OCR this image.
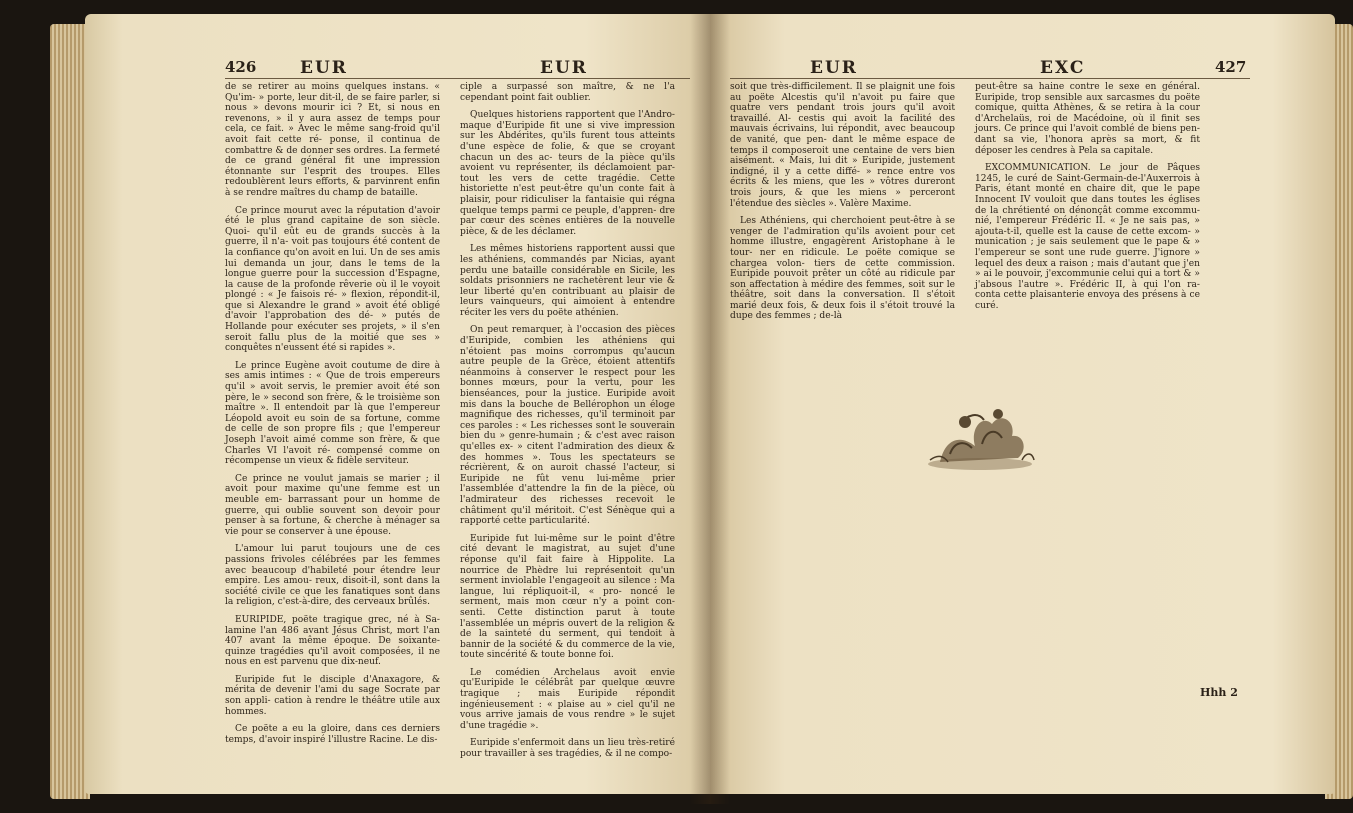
426	EUR	EUR

de se retirer au moins quelques instans. « Qu'im- » porte, leur dit-il, de se faire parler, si nous » devons mourir ici ? Et, si nous en revenons, » il y aura assez de temps pour cela, ce fait. » Avec le même sang-froid qu'il avoit fait cette ré- ponse, il continua de combattre & de donner ses ordres. La fermeté de ce grand général fit une impression étonnante sur l'esprit des troupes. Elles redoublèrent leurs efforts, & parvinrent enfin à se rendre maîtres du champ de bataille.

Ce prince mourut avec la réputation d'avoir été le plus grand capitaine de son siècle. Quoi- qu'il eût eu de grands succès à la guerre, il n'a- voit pas toujours été content de la confiance qu'on avoit en lui. Un de ses amis lui demanda un jour, dans le tems de la longue guerre pour la succession d'Espagne, la cause de la profonde rêverie où il le voyoit plongé : « Je faisois ré- » flexion, répondit-il, que si Alexandre le grand » avoit été obligé d'avoir l'approbation des dé- » putés de Hollande pour exécuter ses projets, » il s'en seroit fallu plus de la moitié que ses » conquêtes n'eussent été si rapides ».

Le prince Eugène avoit coutume de dire à ses amis intimes : « Que de trois empereurs qu'il » avoit servis, le premier avoit été son père, le » second son frère, & le troisième son maître ». Il entendoit par là que l'empereur Léopold avoit eu soin de sa fortune, comme de celle de son propre fils ; que l'empereur Joseph l'avoit aimé comme son frère, & que Charles VI l'avoit ré- compensé comme on récompense un vieux & fidèle serviteur.

Ce prince ne voulut jamais se marier ; il avoit pour maxime qu'une femme est un meuble em- barrassant pour un homme de guerre, qui oublie souvent son devoir pour penser à sa fortune, & cherche à ménager sa vie pour se conserver à une épouse.

L'amour lui parut toujours une de ces passions frivoles célébrées par les femmes avec beaucoup d'habileté pour étendre leur empire. Les amou- reux, disoit-il, sont dans la société civile ce que les fanatiques sont dans la religion, c'est-à-dire, des cerveaux brûlés.

EURIPIDE, poëte tragique grec, né à Sa- lamine l'an 486 avant Jésus Christ, mort l'an 407 avant la même époque. De soixante-quinze tragédies qu'il avoit composées, il ne nous en est parvenu que dix-neuf.

Euripide fut le disciple d'Anaxagore, & mérita de devenir l'ami du sage Socrate par son appli- cation à rendre le théâtre utile aux hommes.

Ce poëte a eu la gloire, dans ces derniers temps, d'avoir inspiré l'illustre Racine. Le dis-

ciple a surpassé son maître, & ne l'a cependant point fait oublier.

Quelques historiens rapportent que l'Andro- maque d'Euripide fit une si vive impression sur les Abdérites, qu'ils furent tous atteints d'une espèce de folie, & que se croyant chacun un des ac- teurs de la pièce qu'ils avoient vu représenter, ils déclamoient par-tout les vers de cette tragédie. Cette historiette n'est peut-être qu'un conte fait à plaisir, pour ridiculiser la fantaisie qui régna quelque temps parmi ce peuple, d'appren- dre par cœur des scènes entières de la nouvelle pièce, & de les déclamer.

Les mêmes historiens rapportent aussi que les athéniens, commandés par Nicias, ayant perdu une bataille considérable en Sicile, les soldats prisonniers ne rachetèrent leur vie & leur liberté qu'en contribuant au plaisir de leurs vainqueurs, qui aimoient à entendre réciter les vers du poëte athénien.

On peut remarquer, à l'occasion des pièces d'Euripide, combien les athéniens qui n'étoient pas moins corrompus qu'aucun autre peuple de la Grèce, étoient attentifs néanmoins à conserver le respect pour les bonnes mœurs, pour la vertu, pour les bienséances, pour la justice. Euripide avoit mis dans la bouche de Bellérophon un éloge magnifique des richesses, qu'il terminoit par ces paroles : « Les richesses sont le souverain bien du » genre-humain ; & c'est avec raison qu'elles ex- » citent l'admiration des dieux & des hommes ». Tous les spectateurs se récrièrent, & on auroit chassé l'acteur, si Euripide ne fût venu lui-même prier l'assemblée d'attendre la fin de la pièce, où l'admirateur des richesses recevoit le châtiment qu'il méritoit. C'est Sénèque qui a rapporté cette particularité.

Euripide fut lui-même sur le point d'être cité devant le magistrat, au sujet d'une réponse qu'il fait faire à Hippolite. La nourrice de Phèdre lui représentoit qu'un serment inviolable l'engageoit au silence : Ma langue, lui répliquoit-il, « pro- noncé le serment, mais mon cœur n'y a point con- senti. Cette distinction parut à toute l'assemblée un mépris ouvert de la religion & de la sainteté du serment, qui tendoit à bannir de la société & du commerce de la vie, toute sincérité & toute bonne foi.

Le comédien Archelaus avoit envie qu'Euripide le célébrât par quelque œuvre tragique ; mais Euripide répondit ingénieusement : « plaise au » ciel qu'il ne vous arrive jamais de vous rendre » le sujet d'une tragédie ».

Euripide s'enfermoit dans un lieu très-retiré pour travailler à ses tragédies, & il ne compo-

EUR	EXC	427

soit que très-difficilement. Il se plaignit une fois au poëte Alcestis qu'il n'avoit pu faire que quatre vers pendant trois jours qu'il avoit travaillé. Al- cestis qui avoit la facilité des mauvais écrivains, lui répondit, avec beaucoup de vanité, que pen- dant le même espace de temps il composeroit une centaine de vers bien aisément. « Mais, lui dit » Euripide, justement indigné, il y a cette diffé- » rence entre vos écrits & les miens, que les » vôtres dureront trois jours, & que les miens » perceront l'étendue des siècles ». Valère Maxime.

Les Athéniens, qui cherchoient peut-être à se venger de l'admiration qu'ils avoient pour cet homme illustre, engagèrent Aristophane à le tour- ner en ridicule. Le poëte comique se chargea volon- tiers de cette commission. Euripide pouvoit prêter un côté au ridicule par son affectation à médire des femmes, soit sur le théâtre, soit dans la conversation. Il s'étoit marié deux fois, & deux fois il s'étoit trouvé la dupe des femmes ; de-là

peut-être sa haine contre le sexe en général. Euripide, trop sensible aux sarcasmes du poëte comique, quitta Athènes, & se retira à la cour d'Archelaüs, roi de Macédoine, où il finit ses jours. Ce prince qui l'avoit comblé de biens pen- dant sa vie, l'honora après sa mort, & fit déposer les cendres à Pela sa capitale.

EXCOMMUNICATION. Le jour de Pâques 1245, le curé de Saint-Germain-de-l'Auxerrois à Paris, étant monté en chaire dit, que le pape Innocent IV vouloit que dans toutes les églises de la chrétienté on dénonçât comme excommu- nié, l'empereur Frédéric II. « Je ne sais pas, » ajouta-t-il, quelle est la cause de cette excom- » munication ; je sais seulement que le pape & » l'empereur se sont une rude guerre. J'ignore » lequel des deux a raison ; mais d'autant que j'en » ai le pouvoir, j'excommunie celui qui a tort & » j'absous l'autre ». Frédéric II, à qui l'on ra- conta cette plaisanterie envoya des présens à ce curé.

Hhh 2
